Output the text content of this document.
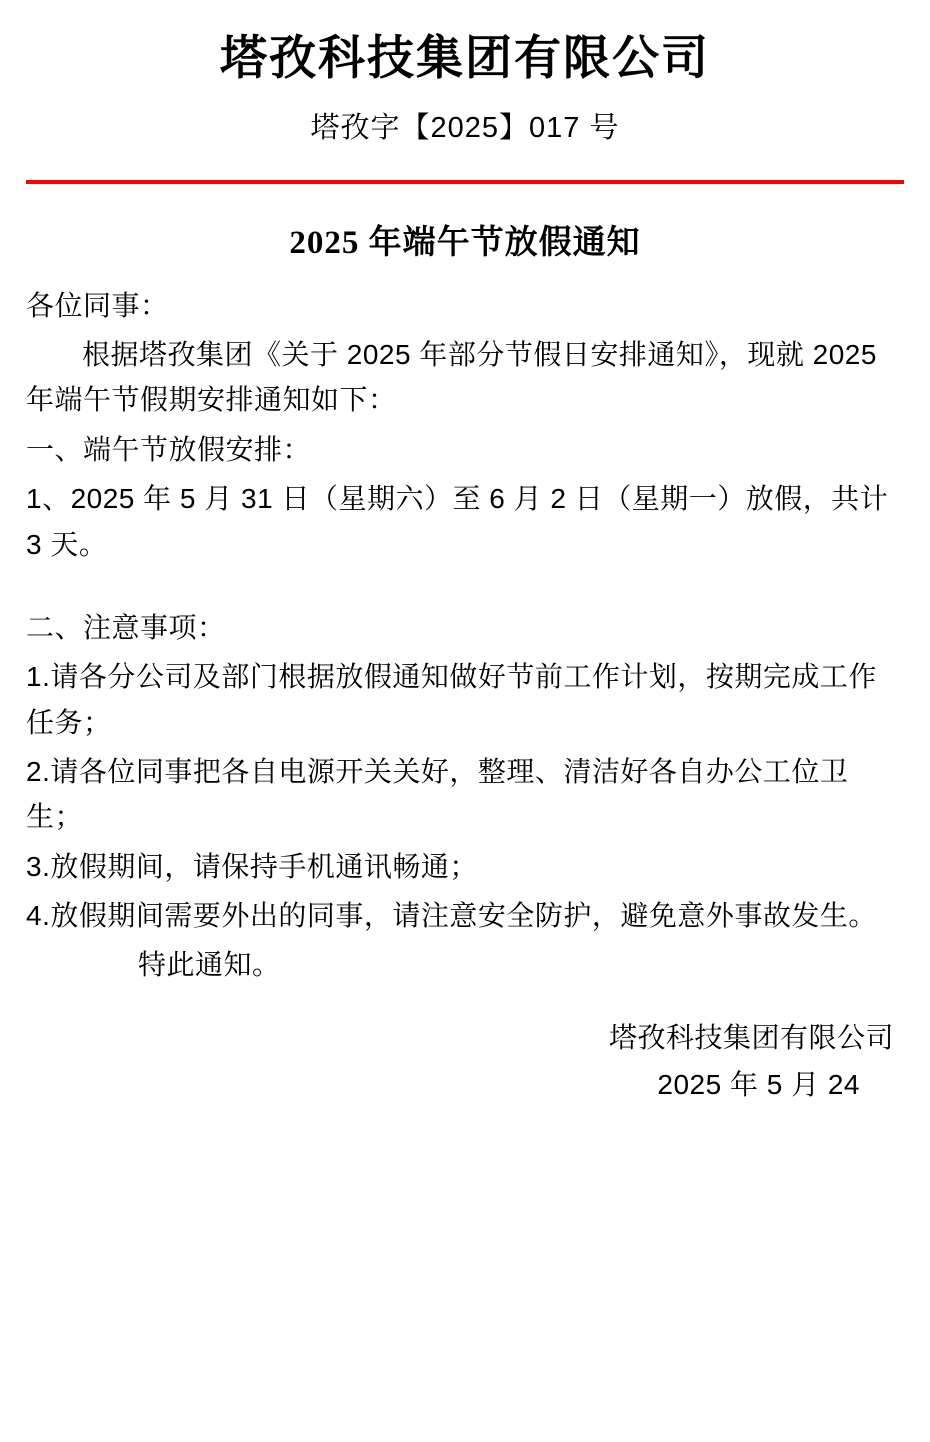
塔孜科技集团有限公司
塔孜字【2025】017 号
2025 年端午节放假通知
各位同事：
根据塔孜集团《关于 2025 年部分节假日安排通知》，现就 2025 年端午节假期安排通知如下：
一、端午节放假安排：
1、2025 年 5 月 31 日（星期六）至 6 月 2 日（星期一）放假，共计 3 天。
二、注意事项：
1.请各分公司及部门根据放假通知做好节前工作计划，按期完成工作任务；
2.请各位同事把各自电源开关关好，整理、清洁好各自办公工位卫生；
3.放假期间，请保持手机通讯畅通；
4.放假期间需要外出的同事，请注意安全防护，避免意外事故发生。
特此通知。
塔孜科技集团有限公司
2025 年 5 月 24
